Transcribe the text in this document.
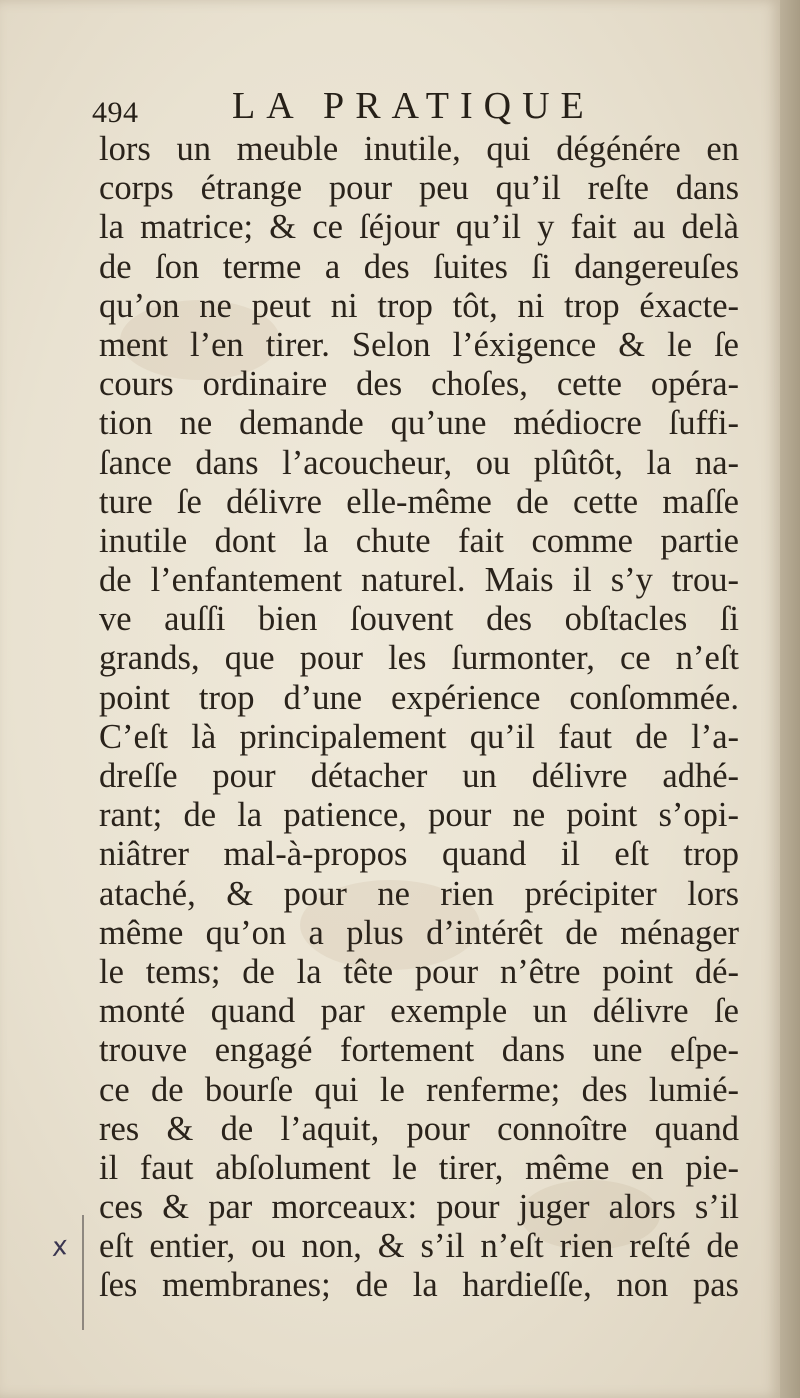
494 LA PRATIQUE
lors un meuble inutile, qui dégénére en
corps étrange pour peu qu’il reſte dans
la matrice; & ce ſéjour qu’il y fait au delà
de ſon terme a des ſuites ſi dangereuſes
qu’on ne peut ni trop tôt, ni trop éxacte-
ment l’en tirer. Selon l’éxigence & le ſe
cours ordinaire des choſes, cette opéra-
tion ne demande qu’une médiocre ſuffi-
ſance dans l’acoucheur, ou plûtôt, la na-
ture ſe délivre elle-même de cette maſſe
inutile dont la chute fait comme partie
de l’enfantement naturel. Mais il s’y trou-
ve auſſi bien ſouvent des obſtacles ſi
grands, que pour les ſurmonter, ce n’eſt
point trop d’une expérience conſommée.
C’eſt là principalement qu’il faut de l’a-
dreſſe pour détacher un délivre adhé-
rant; de la patience, pour ne point s’opi-
niâtrer mal-à-propos quand il eſt trop
ataché, & pour ne rien précipiter lors
même qu’on a plus d’intérêt de ménager
le tems; de la tête pour n’être point dé-
monté quand par exemple un délivre ſe
trouve engagé fortement dans une eſpe-
ce de bourſe qui le renferme; des lumié-
res & de l’aquit, pour connoître quand
il faut abſolument le tirer, même en pie-
ces & par morceaux: pour juger alors s’il
eſt entier, ou non, & s’il n’eſt rien reſté de
ſes membranes; de la hardieſſe, non pas
x
